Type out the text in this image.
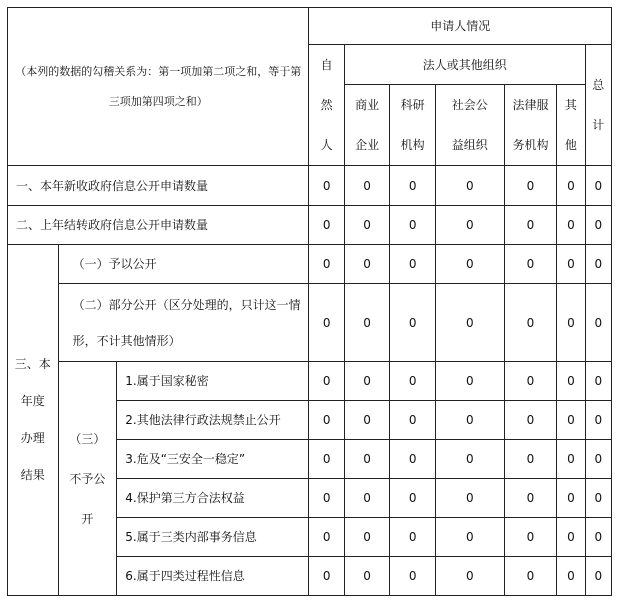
（本列的数据的勾稽关系为：第一项加第二项之和，等于第三项加第四项之和）			申请人情况						

			自
然
人	法人或其他组织					总
计

				商业
企业	科研
机构	社会公
益组织	法律服
务机构	其
他	

一、本年新收政府信息公开申请数量			0	0	0	0	0	0	0
二、上年结转政府信息公开申请数量			0	0	0	0	0	0	0

三、本
年度
办理
结果	（一）予以公开		0	0	0	0	0	0	0
	（二）部分公开（区分处理的，只计这一情形，不计其他情形）		0	0	0	0	0	0	0

	（三）
不予公
开	1.属于国家秘密	0	0	0	0	0	0	0
		2.其他法律行政法规禁止公开	0	0	0	0	0	0	0
		3.危及“三安全一稳定”	0	0	0	0	0	0	0
		4.保护第三方合法权益	0	0	0	0	0	0	0
		5.属于三类内部事务信息	0	0	0	0	0	0	0
		6.属于四类过程性信息	0	0	0	0	0	0	0
